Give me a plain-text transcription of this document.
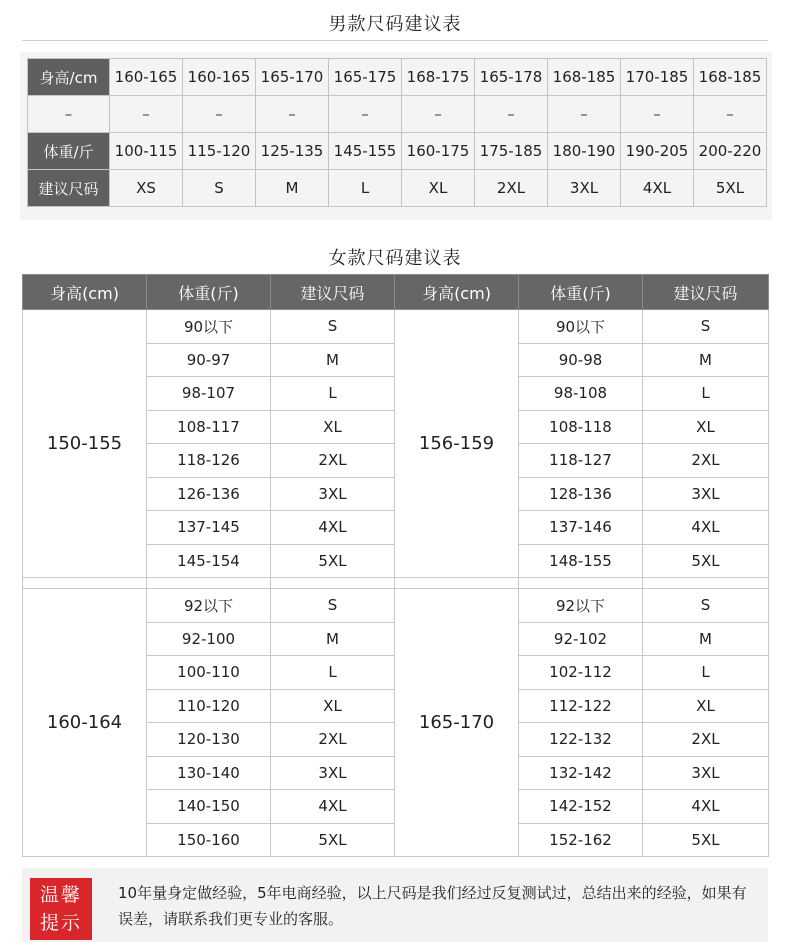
男款尺码建议表
身高/cm	160-165	160-165	165-170	165-175	168-175	165-178	168-185	170-185	168-185
–	–	–	–	–	–	–	–	–	–
体重/斤	100-115	115-120	125-135	145-155	160-175	175-185	180-190	190-205	200-220
建议尺码	XS	S	M	L	XL	2XL	3XL	4XL	5XL
女款尺码建议表
身高(cm)	体重(斤)	建议尺码	身高(cm)	体重(斤)	建议尺码
150-155	90以下	S	156-159	90以下	S
	90-97	M		90-98	M
	98-107	L		98-108	L
	108-117	XL		108-118	XL
	118-126	2XL		118-127	2XL
	126-136	3XL		128-136	3XL
	137-145	4XL		137-146	4XL
	145-154	5XL		148-155	5XL

160-164	92以下	S	165-170	92以下	S
	92-100	M		92-102	M
	100-110	L		102-112	L
	110-120	XL		112-122	XL
	120-130	2XL		122-132	2XL
	130-140	3XL		132-142	3XL
	140-150	4XL		142-152	4XL
	150-160	5XL		152-162	5XL
温馨
提示
10年量身定做经验，5年电商经验，以上尺码是我们经过反复测试过，总结出来的经验，如果有误差，请联系我们更专业的客服。
